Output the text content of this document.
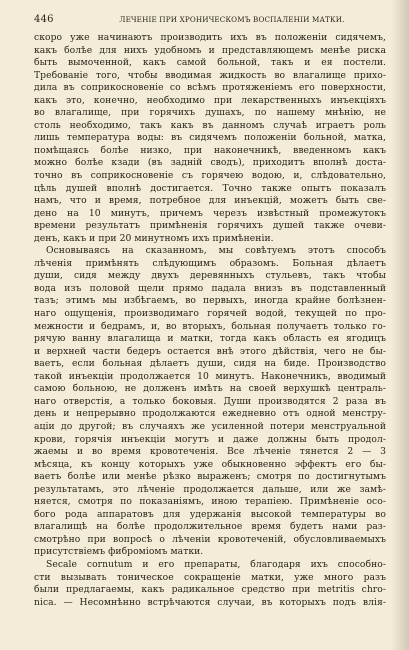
446	ЛЕЧЕНІЕ ПРИ ХРОНИЧЕСКОМЪ ВОСПАЛЕНІИ МАТКИ.
скоро уже начинаютъ производить ихъ въ положеніи сидячемъ,
какъ болѣе для нихъ удобномъ и представляющемъ менѣе риска
быть вымоченной, какъ самой больной, такъ и ея постели.
Требованіе того, чтобы вводимая жидкость во влагалище прихо-
дила въ соприкосновеніе со всѣмъ протяженіемъ его поверхности,
какъ это, конечно, необходимо при лекарственныхъ инъекціяхъ
во влагалище, при горячихъ душахъ, по нашему мнѣнію, не
столь необходимо, такъ какъ въ данномъ случаѣ играетъ роль
лишь температура воды: въ сидячемъ положеніи больной, матка,
помѣщаясь болѣе низко, при наконечникѣ, введенномъ какъ
можно болѣе кзади (въ задній сводъ), приходитъ вполнѣ доста-
точно въ соприкосновеніе съ горячею водою, и, слѣдовательно,
цѣль душей вполнѣ достигается. Точно также опытъ показалъ
намъ, что и время, потребное для инъекцій, можетъ быть све-
дено на 10 минутъ, причемъ черезъ извѣстный промежутокъ
времени результатъ примѣненія горячихъ душей также очеви-
денъ, какъ и при 20 минутномъ ихъ примѣненіи.
Основываясь на сказанномъ, мы совѣтуемъ этотъ способъ
лѣченія примѣнять слѣдующимъ образомъ. Больная дѣлаетъ
души, сидя между двухъ деревянныхъ стульевъ, такъ чтобы
вода изъ половой щели прямо падала внизъ въ подставленный
тазъ; этимъ мы избѣгаемъ, во первыхъ, иногда крайне болѣзнен-
наго ощущенія, производимаго горячей водой, текущей по про-
межности и бедрамъ, и, во вторыхъ, больная получаетъ только го-
рячую ванну влагалища и матки, тогда какъ область ея ягодицъ
и верхней части бедеръ остается внѣ этого дѣйствія, чего не бы-
ваетъ, если больная дѣлаетъ души, сидя на биде. Производство
такой инъекціи продолжается 10 минутъ. Наконечникъ, вводимый
самою больною, не долженъ имѣть на своей верхушкѣ централь-
наго отверстія, а только боковыя. Души производятся 2 раза въ
день и непрерывно продолжаются ежедневно отъ одной менстру-
аціи до другой; въ случаяхъ же усиленной потери менструальной
крови, горячія инъекціи могутъ и даже должны быть продол-
жаемы и во время кровотеченія. Все лѣченіе тянется 2 — 3
мѣсяца, къ концу которыхъ уже обыкновенно эффектъ его бы-
ваетъ болѣе или менѣе рѣзко выраженъ; смотря по достигнутымъ
результатамъ, это лѣченіе продолжается дальше, или же замѣ-
няется, смотря по показаніямъ, иною терапіею. Примѣненіе осо-
бого рода аппаратовъ для удержанія высокой температуры во
влагалищѣ на болѣе продолжительное время будетъ нами раз-
смотрѣно при вопросѣ о лѣченіи кровотеченій, обусловливаемыхъ
присутствіемъ фиброміомъ матки.
Secale cornutum и его препараты, благодаря ихъ способно-
сти вызывать тоническое сокращеніе матки, уже много разъ
были предлагаемы, какъ радикальное средство при metritis chro-
nica. — Несомнѣнно встрѣчаются случаи, въ которыхъ подъ влія-
